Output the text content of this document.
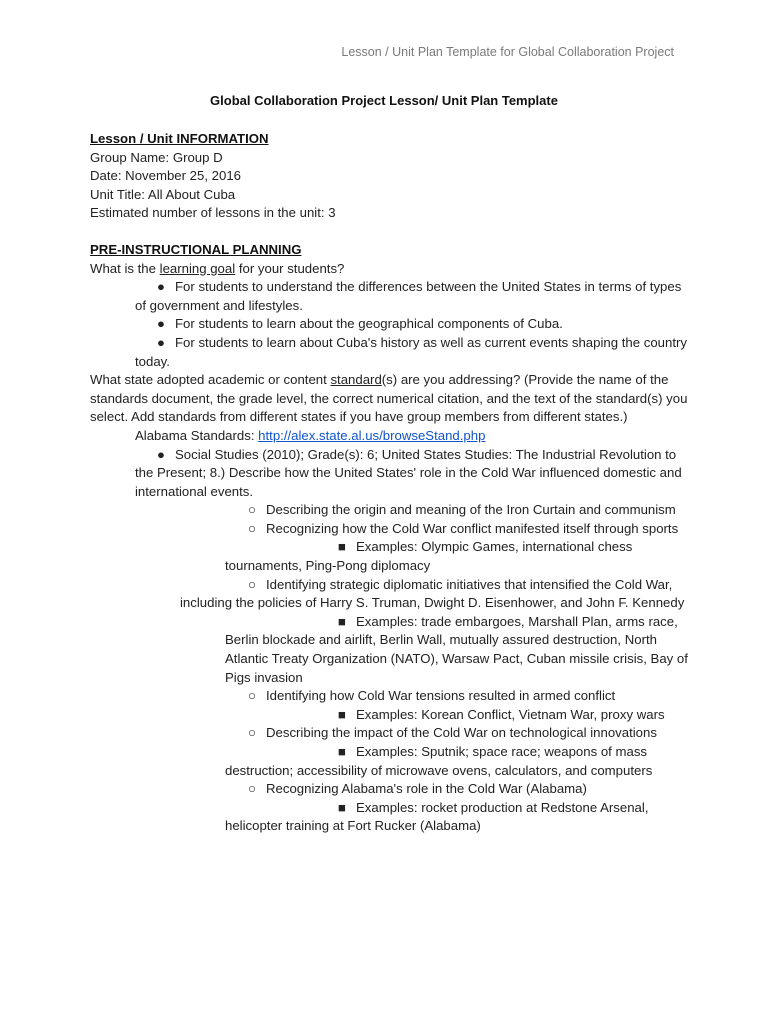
Lesson / Unit Plan Template for Global Collaboration Project
Global Collaboration Project Lesson/ Unit Plan Template
Lesson / Unit INFORMATION
Group Name: Group D
Date: November 25, 2016
Unit Title: All About Cuba
Estimated number of lessons in the unit: 3
PRE-INSTRUCTIONAL PLANNING
What is the learning goal for your students?
● For students to understand the differences between the United States in terms of types of government and lifestyles.
● For students to learn about the geographical components of Cuba.
● For students to learn about Cuba's history as well as current events shaping the country today.
What state adopted academic or content standard(s) are you addressing? (Provide the name of the standards document, the grade level, the correct numerical citation, and the text of the standard(s) you select. Add standards from different states if you have group members from different states.)
Alabama Standards: http://alex.state.al.us/browseStand.php
● Social Studies (2010); Grade(s): 6; United States Studies: The Industrial Revolution to the Present; 8.) Describe how the United States' role in the Cold War influenced domestic and international events.
○ Describing the origin and meaning of the Iron Curtain and communism
○ Recognizing how the Cold War conflict manifested itself through sports
■ Examples: Olympic Games, international chess tournaments, Ping-Pong diplomacy
○ Identifying strategic diplomatic initiatives that intensified the Cold War, including the policies of Harry S. Truman, Dwight D. Eisenhower, and John F. Kennedy
■ Examples: trade embargoes, Marshall Plan, arms race, Berlin blockade and airlift, Berlin Wall, mutually assured destruction, North Atlantic Treaty Organization (NATO), Warsaw Pact, Cuban missile crisis, Bay of Pigs invasion
○ Identifying how Cold War tensions resulted in armed conflict
■ Examples: Korean Conflict, Vietnam War, proxy wars
○ Describing the impact of the Cold War on technological innovations
■ Examples: Sputnik; space race; weapons of mass destruction; accessibility of microwave ovens, calculators, and computers
○ Recognizing Alabama's role in the Cold War (Alabama)
■ Examples: rocket production at Redstone Arsenal, helicopter training at Fort Rucker (Alabama)
